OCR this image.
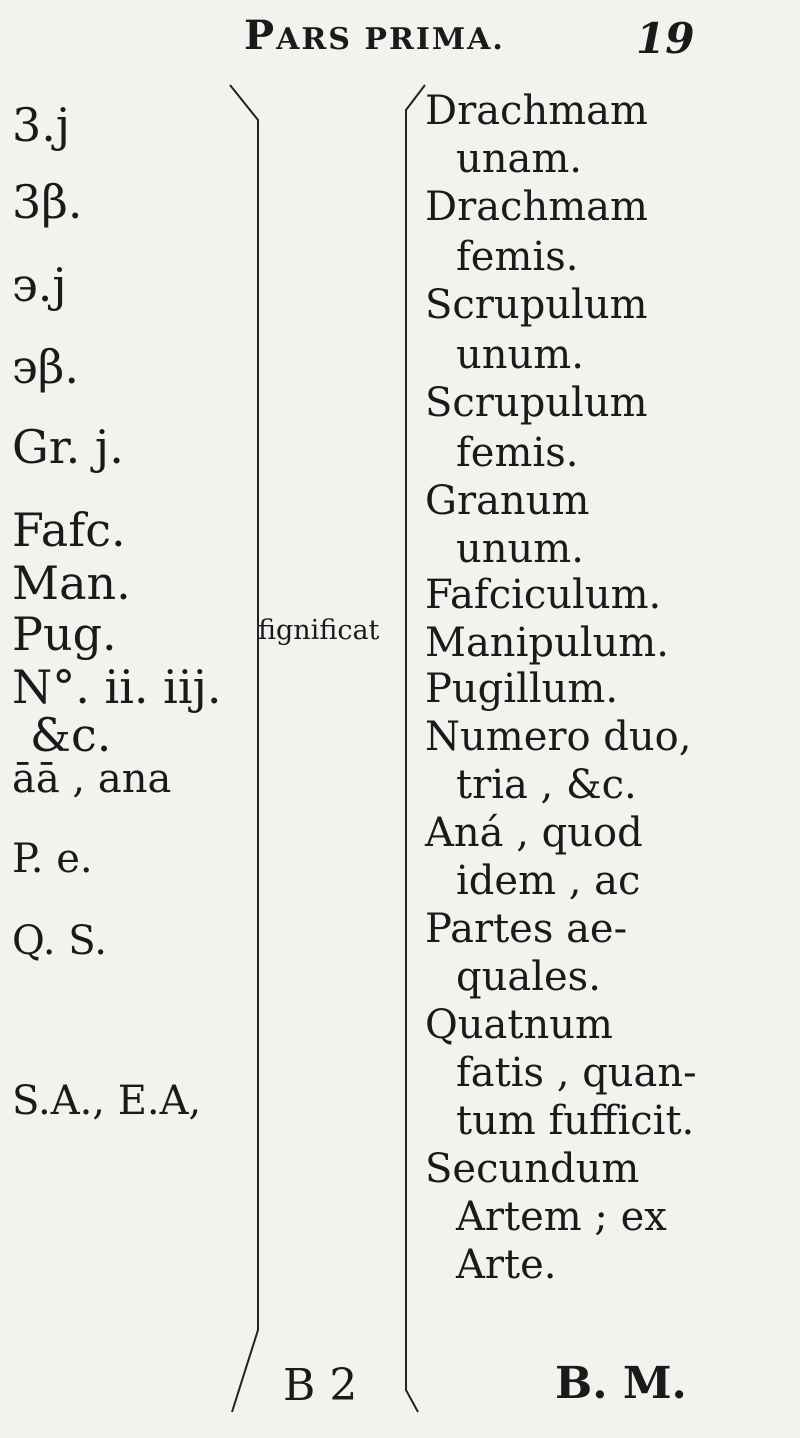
PARS PRIMA.	19
3.j
3β.
϶.j
϶β.
Gr. j.
Fafc.
Man.
Pug.
N°. ii. iij.
&c.
āā , ana
P. e.
Q. S.
S.A., E.A,
fignificat
Drachmam
unam.
Drachmam
femis.
Scrupulum
unum.
Scrupulum
femis.
Granum
unum.
Fafciculum.
Manipulum.
Pugillum.
Numero duo,
tria , &c.
Aná , quod
idem , ac
Partes ae-
quales.
Quatnum
fatis , quan-
tum fufficit.
Secundum
Artem ; ex
Arte.
B 2	B. M.
